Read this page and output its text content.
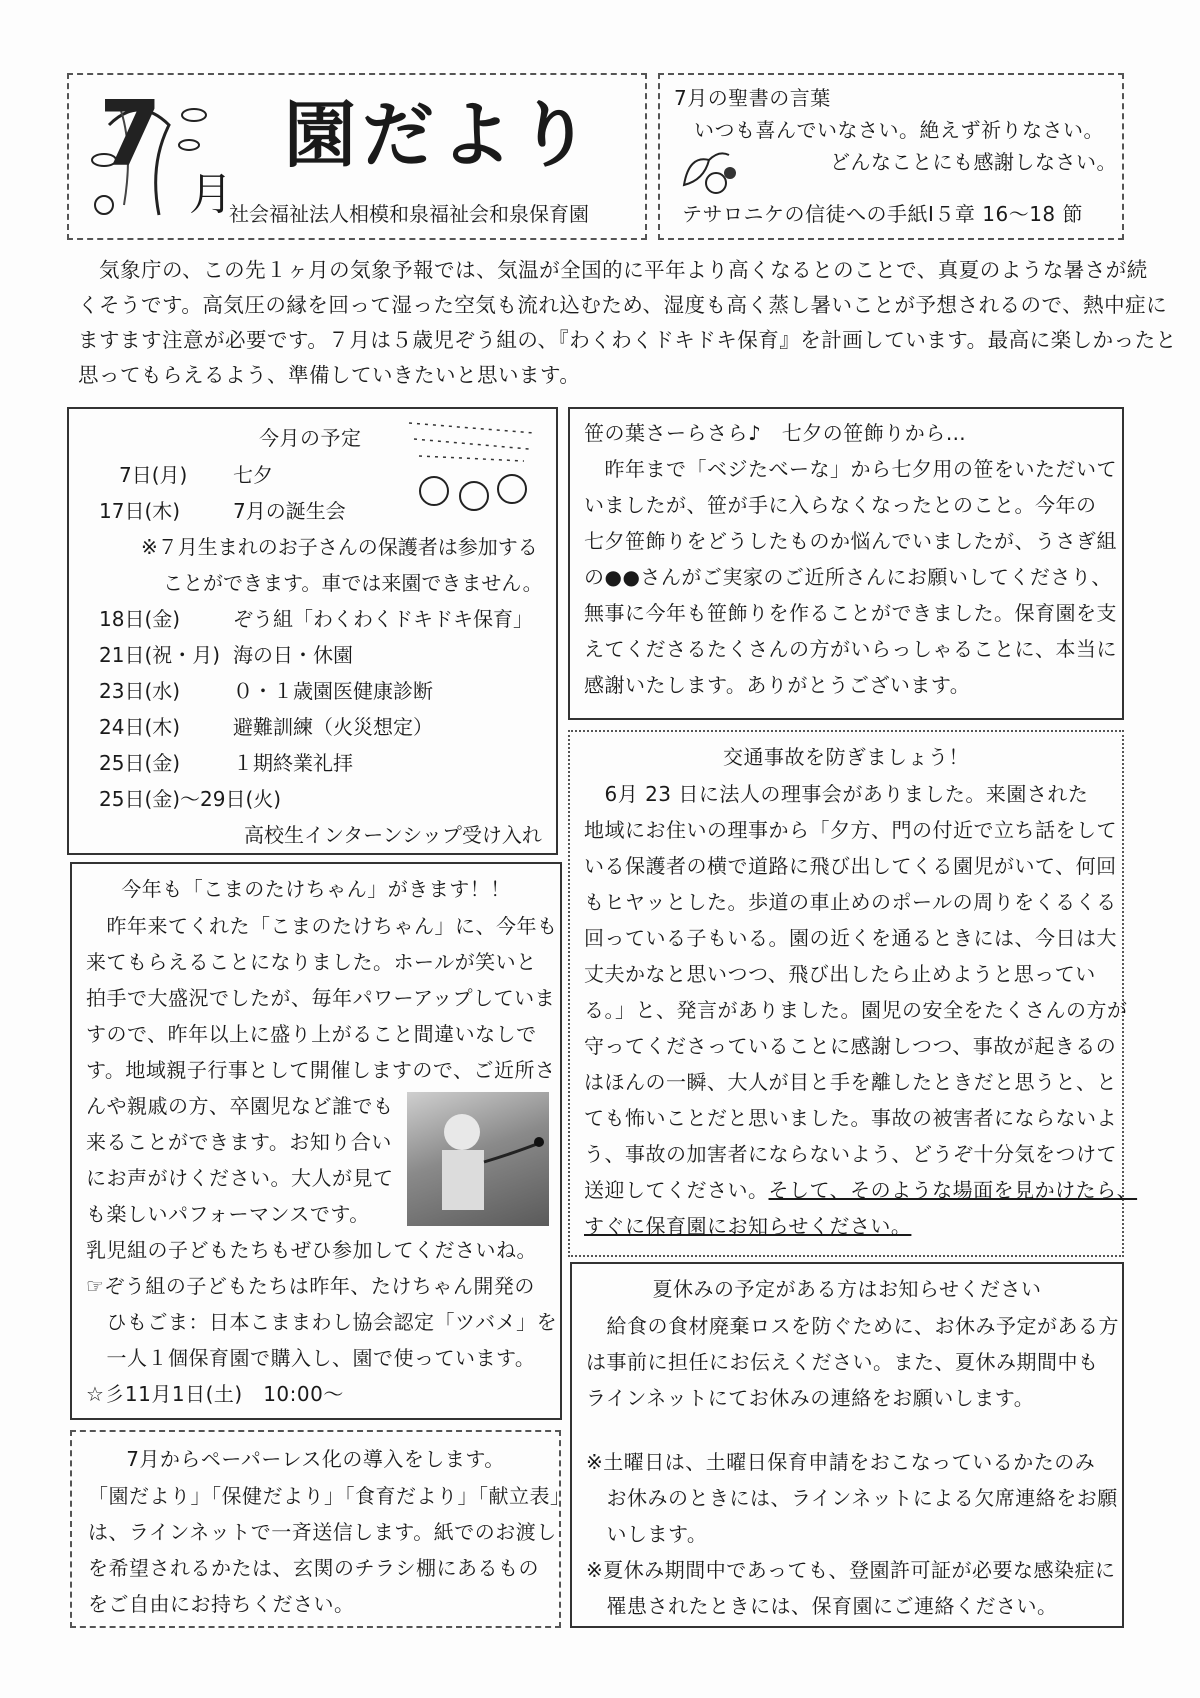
7
月
園だより
社会福祉法人相模和泉福祉会和泉保育園
7月の聖書の言葉
いつも喜んでいなさい。絶えず祈りなさい。
どんなことにも感謝しなさい。
テサロニケの信徒への手紙Ⅰ５章 16～18 節
　気象庁の、この先１ヶ月の気象予報では、気温が全国的に平年より高くなるとのことで、真夏のような暑さが続
くそうです。高気圧の縁を回って湿った空気も流れ込むため、湿度も高く蒸し暑いことが予想されるので、熱中症に
ますます注意が必要です。７月は５歳児ぞう組の、『わくわくドキドキ保育』を計画しています。最高に楽しかったと
思ってもらえるよう、準備していきたいと思います。
今月の予定
　7日(月)	七夕
17日(木)	7月の誕生会
※７月生まれのお子さんの保護者は参加する
ことができます。車では来園できません。
18日(金)	ぞう組「わくわくドキドキ保育」
21日(祝・月) 海の日・休園
23日(水)	０・１歳園医健康診断
24日(木)	避難訓練（火災想定）
25日(金)	１期終業礼拝
25日(金)～29日(火)
高校生インターンシップ受け入れ
笹の葉さーらさら♪　七夕の笹飾りから…
　昨年まで「ベジたべーな」から七夕用の笹をいただいて
いましたが、笹が手に入らなくなったとのこと。今年の
七夕笹飾りをどうしたものか悩んでいましたが、うさぎ組
の●●さんがご実家のご近所さんにお願いしてくださり、
無事に今年も笹飾りを作ることができました。保育園を支
えてくださるたくさんの方がいらっしゃることに、本当に
感謝いたします。ありがとうございます。
交通事故を防ぎましょう！
　6月 23 日に法人の理事会がありました。来園された
地域にお住いの理事から「夕方、門の付近で立ち話をして
いる保護者の横で道路に飛び出してくる園児がいて、何回
もヒヤッとした。歩道の車止めのポールの周りをくるくる
回っている子もいる。園の近くを通るときには、今日は大
丈夫かなと思いつつ、飛び出したら止めようと思ってい
る。」と、発言がありました。園児の安全をたくさんの方が
守ってくださっていることに感謝しつつ、事故が起きるの
はほんの一瞬、大人が目と手を離したときだと思うと、と
ても怖いことだと思いました。事故の被害者にならないよ
う、事故の加害者にならないよう、どうぞ十分気をつけて
送迎してください。そして、そのような場面を見かけたら、
すぐに保育園にお知らせください。
今年も「こまのたけちゃん」がきます！！
　昨年来てくれた「こまのたけちゃん」に、今年も
来てもらえることになりました。ホールが笑いと
拍手で大盛況でしたが、毎年パワーアップしていま
すので、昨年以上に盛り上がること間違いなしで
す。地域親子行事として開催しますので、ご近所さ
んや親戚の方、卒園児など誰でも
来ることができます。お知り合い
にお声がけください。大人が見て
も楽しいパフォーマンスです。
乳児組の子どもたちもぜひ参加してくださいね。
☞ぞう組の子どもたちは昨年、たけちゃん開発の
　ひもごま：日本こままわし協会認定「ツバメ」を
　一人１個保育園で購入し、園で使っています。
☆彡11月1日(土)　10:00～
夏休みの予定がある方はお知らせください
　給食の食材廃棄ロスを防ぐために、お休み予定がある方
は事前に担任にお伝えください。また、夏休み期間中も
ラインネットにてお休みの連絡をお願いします。
※土曜日は、土曜日保育申請をおこなっているかたのみ
　お休みのときには、ラインネットによる欠席連絡をお願
　いします。
※夏休み期間中であっても、登園許可証が必要な感染症に
　罹患されたときには、保育園にご連絡ください。
7月からペーパーレス化の導入をします。
「園だより」「保健だより」「食育だより」「献立表」
は、ラインネットで一斉送信します。紙でのお渡し
を希望されるかたは、玄関のチラシ棚にあるもの
をご自由にお持ちください。
